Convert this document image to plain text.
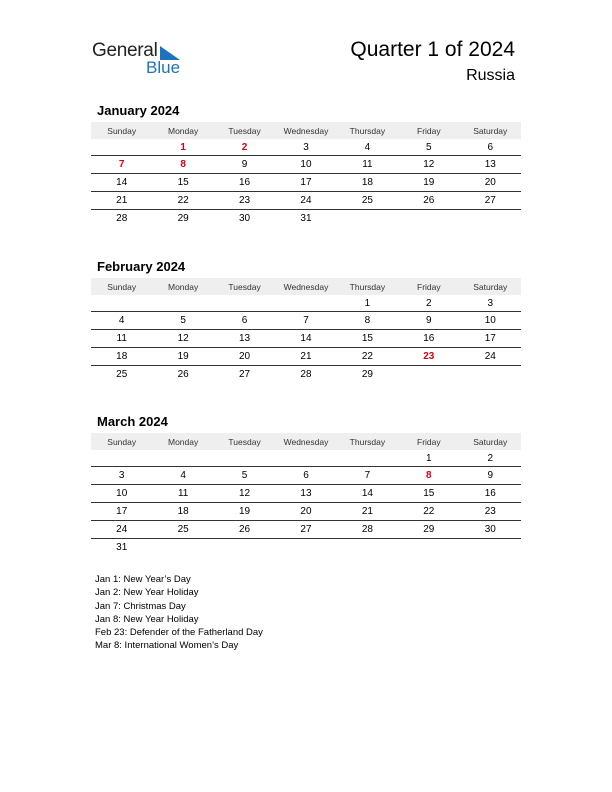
General
Blue
Quarter 1 of 2024
Russia
January 2024
Sunday	Monday	Tuesday	Wednesday	Thursday	Friday	Saturday
	1	2	3	4	5	6
7	8	9	10	11	12	13
14	15	16	17	18	19	20
21	22	23	24	25	26	27
28	29	30	31			
February 2024
Sunday	Monday	Tuesday	Wednesday	Thursday	Friday	Saturday
				1	2	3
4	5	6	7	8	9	10
11	12	13	14	15	16	17
18	19	20	21	22	23	24
25	26	27	28	29		
March 2024
Sunday	Monday	Tuesday	Wednesday	Thursday	Friday	Saturday
					1	2
3	4	5	6	7	8	9
10	11	12	13	14	15	16
17	18	19	20	21	22	23
24	25	26	27	28	29	30
31						
Jan 1: New Year’s Day
Jan 2: New Year Holiday
Jan 7: Christmas Day
Jan 8: New Year Holiday
Feb 23: Defender of the Fatherland Day
Mar 8: International Women’s Day
